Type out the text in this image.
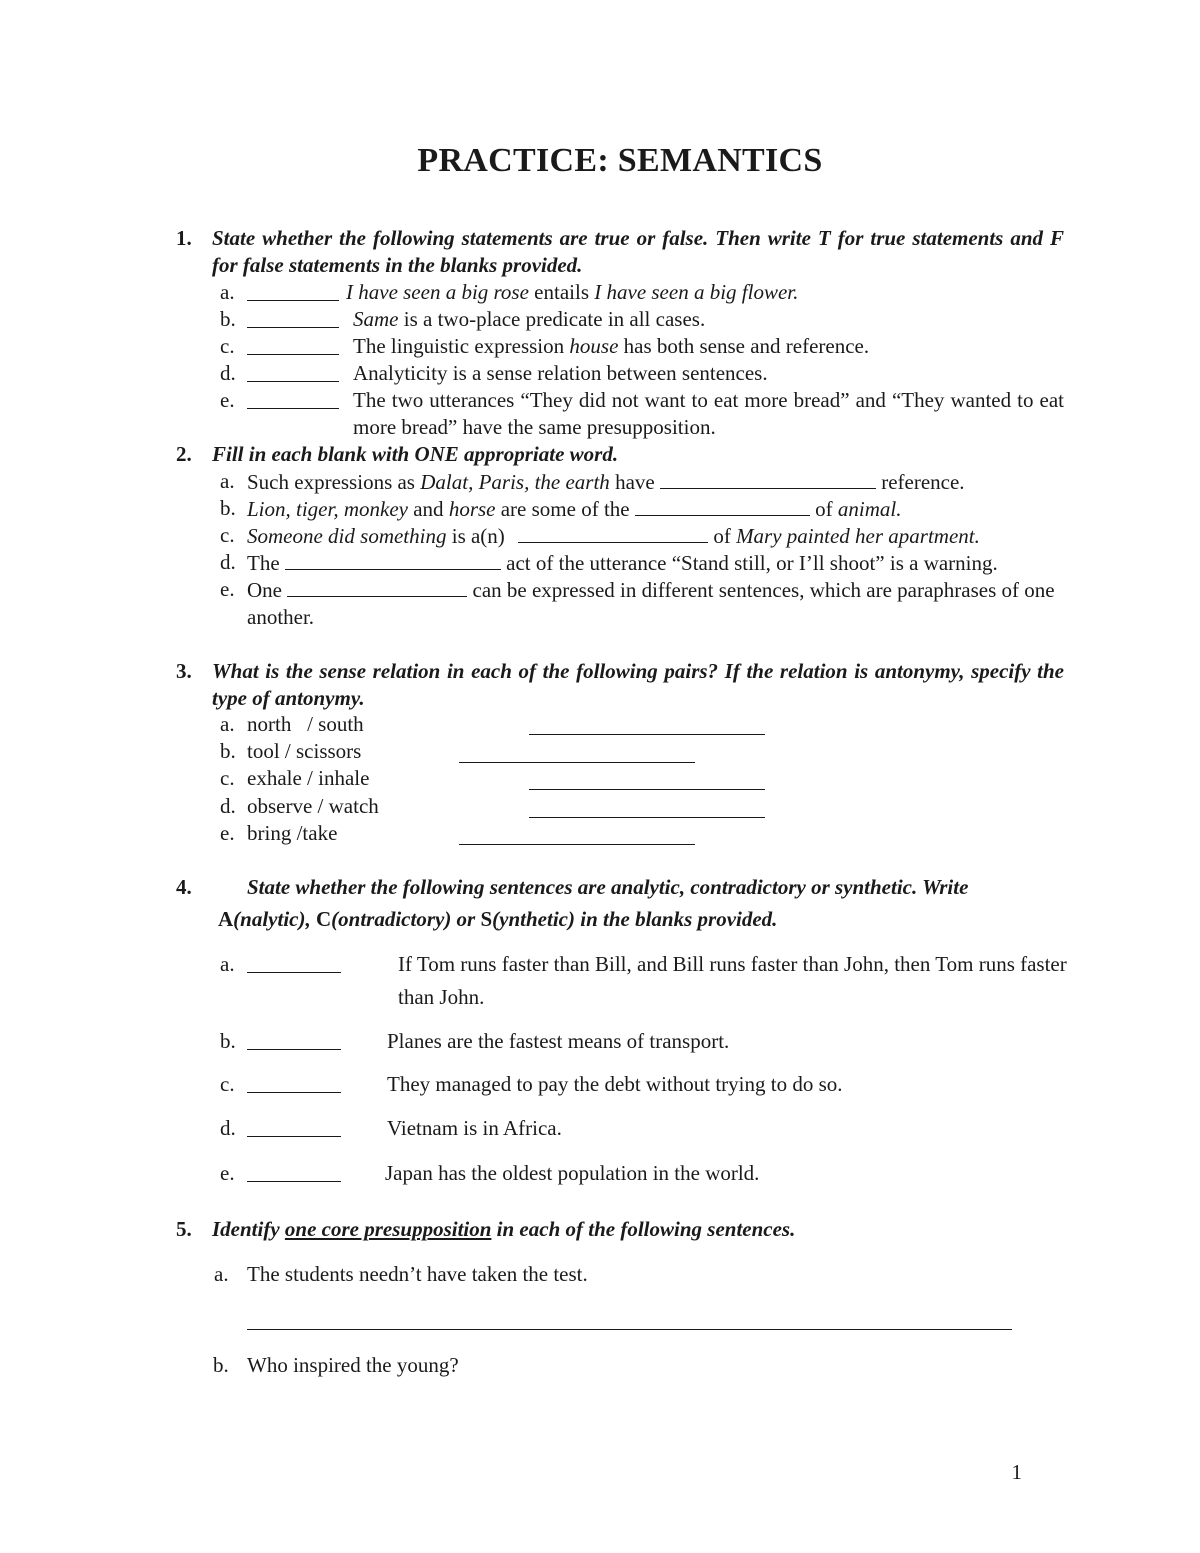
PRACTICE: SEMANTICS
1. State whether the following statements are true or false. Then write T for true statements and F for false statements in the blanks provided.
a.	I have seen a big rose entails I have seen a big flower.
b.	Same is a two-place predicate in all cases.
c.	The linguistic expression house has both sense and reference.
d.	Analyticity is a sense relation between sentences.
e.	The two utterances “They did not want to eat more bread” and “They wanted to eat more bread” have the same presupposition.
2. Fill in each blank with ONE appropriate word.
a. Such expressions as Dalat, Paris, the earth have	reference.
b. Lion, tiger, monkey and horse are some of the	of animal.
c. Someone did something is a(n)	of Mary painted her apartment.
d. The	act of the utterance “Stand still, or I’ll shoot” is a warning.
e. One	can be expressed in different sentences, which are paraphrases of one another.
3. What is the sense relation in each of the following pairs? If the relation is antonymy, specify the type of antonymy.
a. north   / south
b. tool / scissors
c. exhale / inhale
d. observe / watch
e. bring /take
4.	State whether the following sentences are analytic, contradictory or synthetic. Write
A(nalytic), C(ontradictory) or S(ynthetic) in the blanks provided.
a.	If Tom runs faster than Bill, and Bill runs faster than John, then Tom runs faster than John.
b.	Planes are the fastest means of transport.
c.	They managed to pay the debt without trying to do so.
d.	Vietnam is in Africa.
e.	Japan has the oldest population in the world.
5. Identify one core presupposition in each of the following sentences.
a. The students needn’t have taken the test.
b. Who inspired the young?
1
